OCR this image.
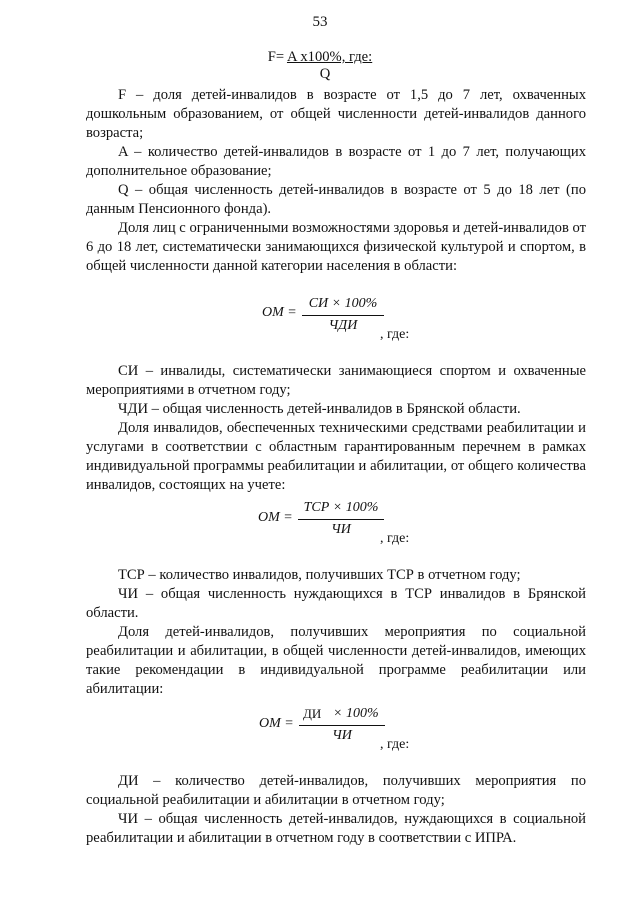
53
F= A x100%, где:
Q

F – доля детей-инвалидов в возрасте от 1,5 до 7 лет, охваченных дошкольным образованием, от общей численности детей-инвалидов данного возраста;

A – количество детей-инвалидов в возрасте от 1 до 7 лет, получающих дополнительное образование;

Q – общая численность детей-инвалидов в возрасте от 5 до 18 лет (по данным Пенсионного фонда).

Доля лиц с ограниченными возможностями здоровья и детей-инвалидов от 6 до 18 лет, систематически занимающихся физической культурой и спортом, в общей численности данной категории населения в области:

ОМ =
СИ × 100%
ЧДИ
, где:

СИ – инвалиды, систематически занимающиеся спортом и охваченные мероприятиями в отчетном году;

ЧДИ – общая численность детей-инвалидов в Брянской области.

Доля инвалидов, обеспеченных техническими средствами реабилитации и услугами в соответствии с областным гарантированным перечнем в рамках индивидуальной программы реабилитации и абилитации, от общего количества инвалидов, состоящих на учете:

ОМ =
ТСР × 100%
ЧИ
, где:

ТСР – количество инвалидов, получивших ТСР в отчетном году;

ЧИ – общая численность нуждающихся в ТСР инвалидов в Брянской области.

Доля детей-инвалидов, получивших мероприятия по социальной реабилитации и абилитации, в общей численности детей-инвалидов, имеющих такие рекомендации в индивидуальной программе реабилитации или абилитации:

ОМ =
ДИ × 100%
ЧИ
, где:

ДИ – количество детей-инвалидов, получивших мероприятия по социальной реабилитации и абилитации в отчетном году;

ЧИ – общая численность детей-инвалидов, нуждающихся в социальной реабилитации и абилитации в отчетном году в соответствии с ИПРА.
